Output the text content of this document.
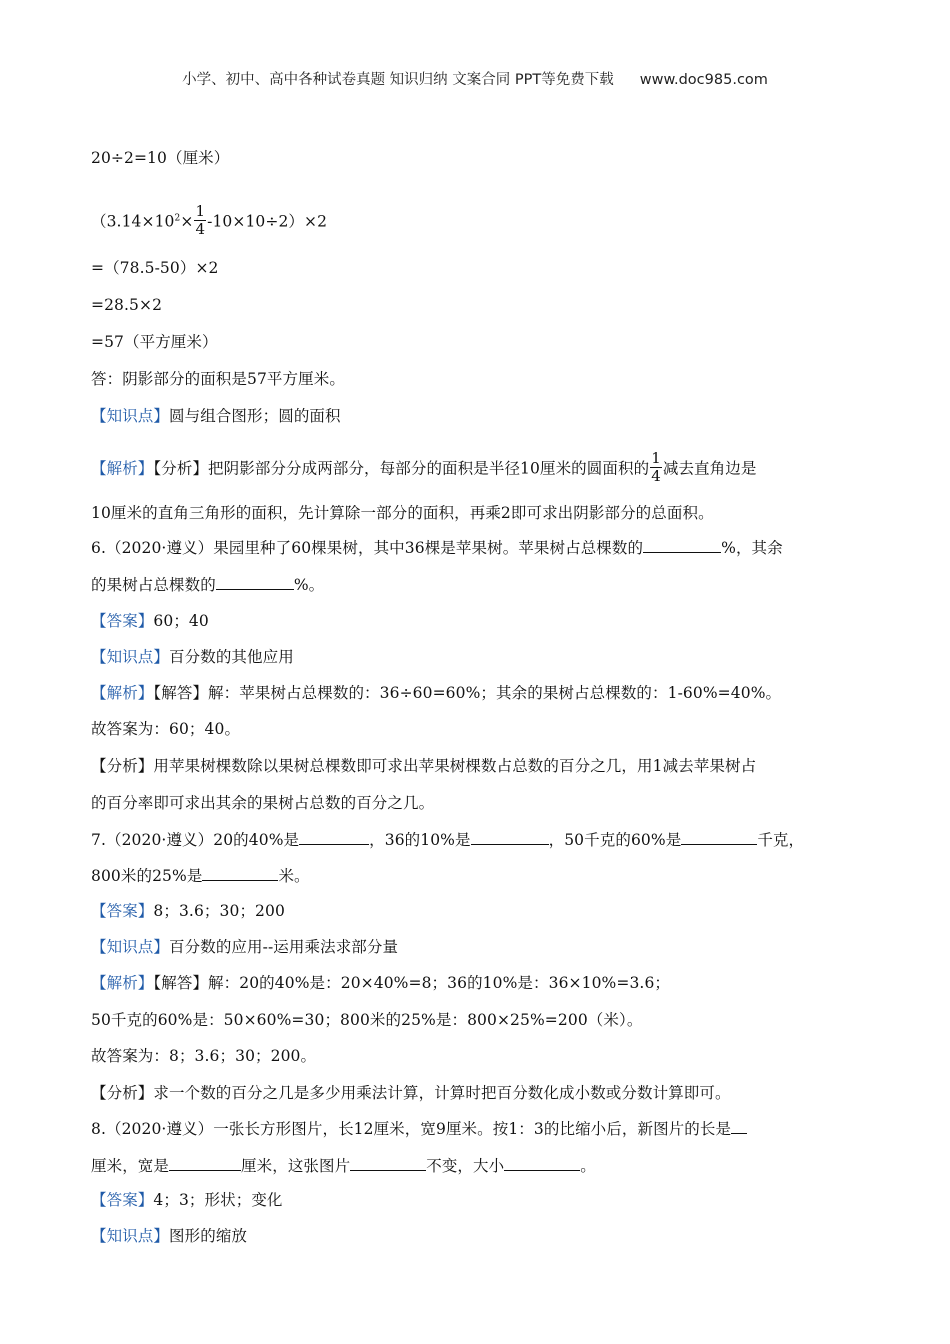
小学、初中、高中各种试卷真题 知识归纳 文案合同 PPT等免费下载 www.doc985.com
20÷2=10（厘米）
$(3.14\times 10^2\times \frac{1}{4} -10\times 10\div 2)\times 2$
=（78.5-50）×2
=28.5×2
=57（平方厘米）
答：阴影部分的面积是57平方厘米。
【知识点】圆与组合图形；圆的面积
【解析】【分析】把阴影部分分成两部分，每部分的面积是半径10厘米的圆面积的 $\frac{1}{4}$ 减去直角边是
10厘米的直角三角形的面积，先计算除一部分的面积，再乘2即可求出阴影部分的总面积。
6.（2020·遵义）果园里种了60棵果树，其中36棵是苹果树。苹果树占总棵数的	%，其余
的果树占总棵数的	%。
【答案】60；40
【知识点】百分数的其他应用
【解析】【解答】解：苹果树占总棵数的：36÷60=60%；其余的果树占总棵数的：1-60%=40%。
故答案为：60；40。
【分析】用苹果树棵数除以果树总棵数即可求出苹果树棵数占总数的百分之几，用1减去苹果树占
的百分率即可求出其余的果树占总数的百分之几。
7.（2020·遵义）20的40%是	，36的10%是	，50千克的60%是	千克，
800米的25%是	米。
【答案】8；3.6；30；200
【知识点】百分数的应用--运用乘法求部分量
【解析】【解答】解：20的40%是：20×40%=8；36的10%是：36×10%=3.6；
50千克的60%是：50×60%=30；800米的25%是：800×25%=200（米）。
故答案为：8；3.6；30；200。
【分析】求一个数的百分之几是多少用乘法计算，计算时把百分数化成小数或分数计算即可。
8.（2020·遵义）一张长方形图片，长12厘米，宽9厘米。按1：3的比缩小后，新图片的长是
厘米，宽是	厘米，这张图片	不变，大小	。
【答案】4；3；形状；变化
【知识点】图形的缩放
